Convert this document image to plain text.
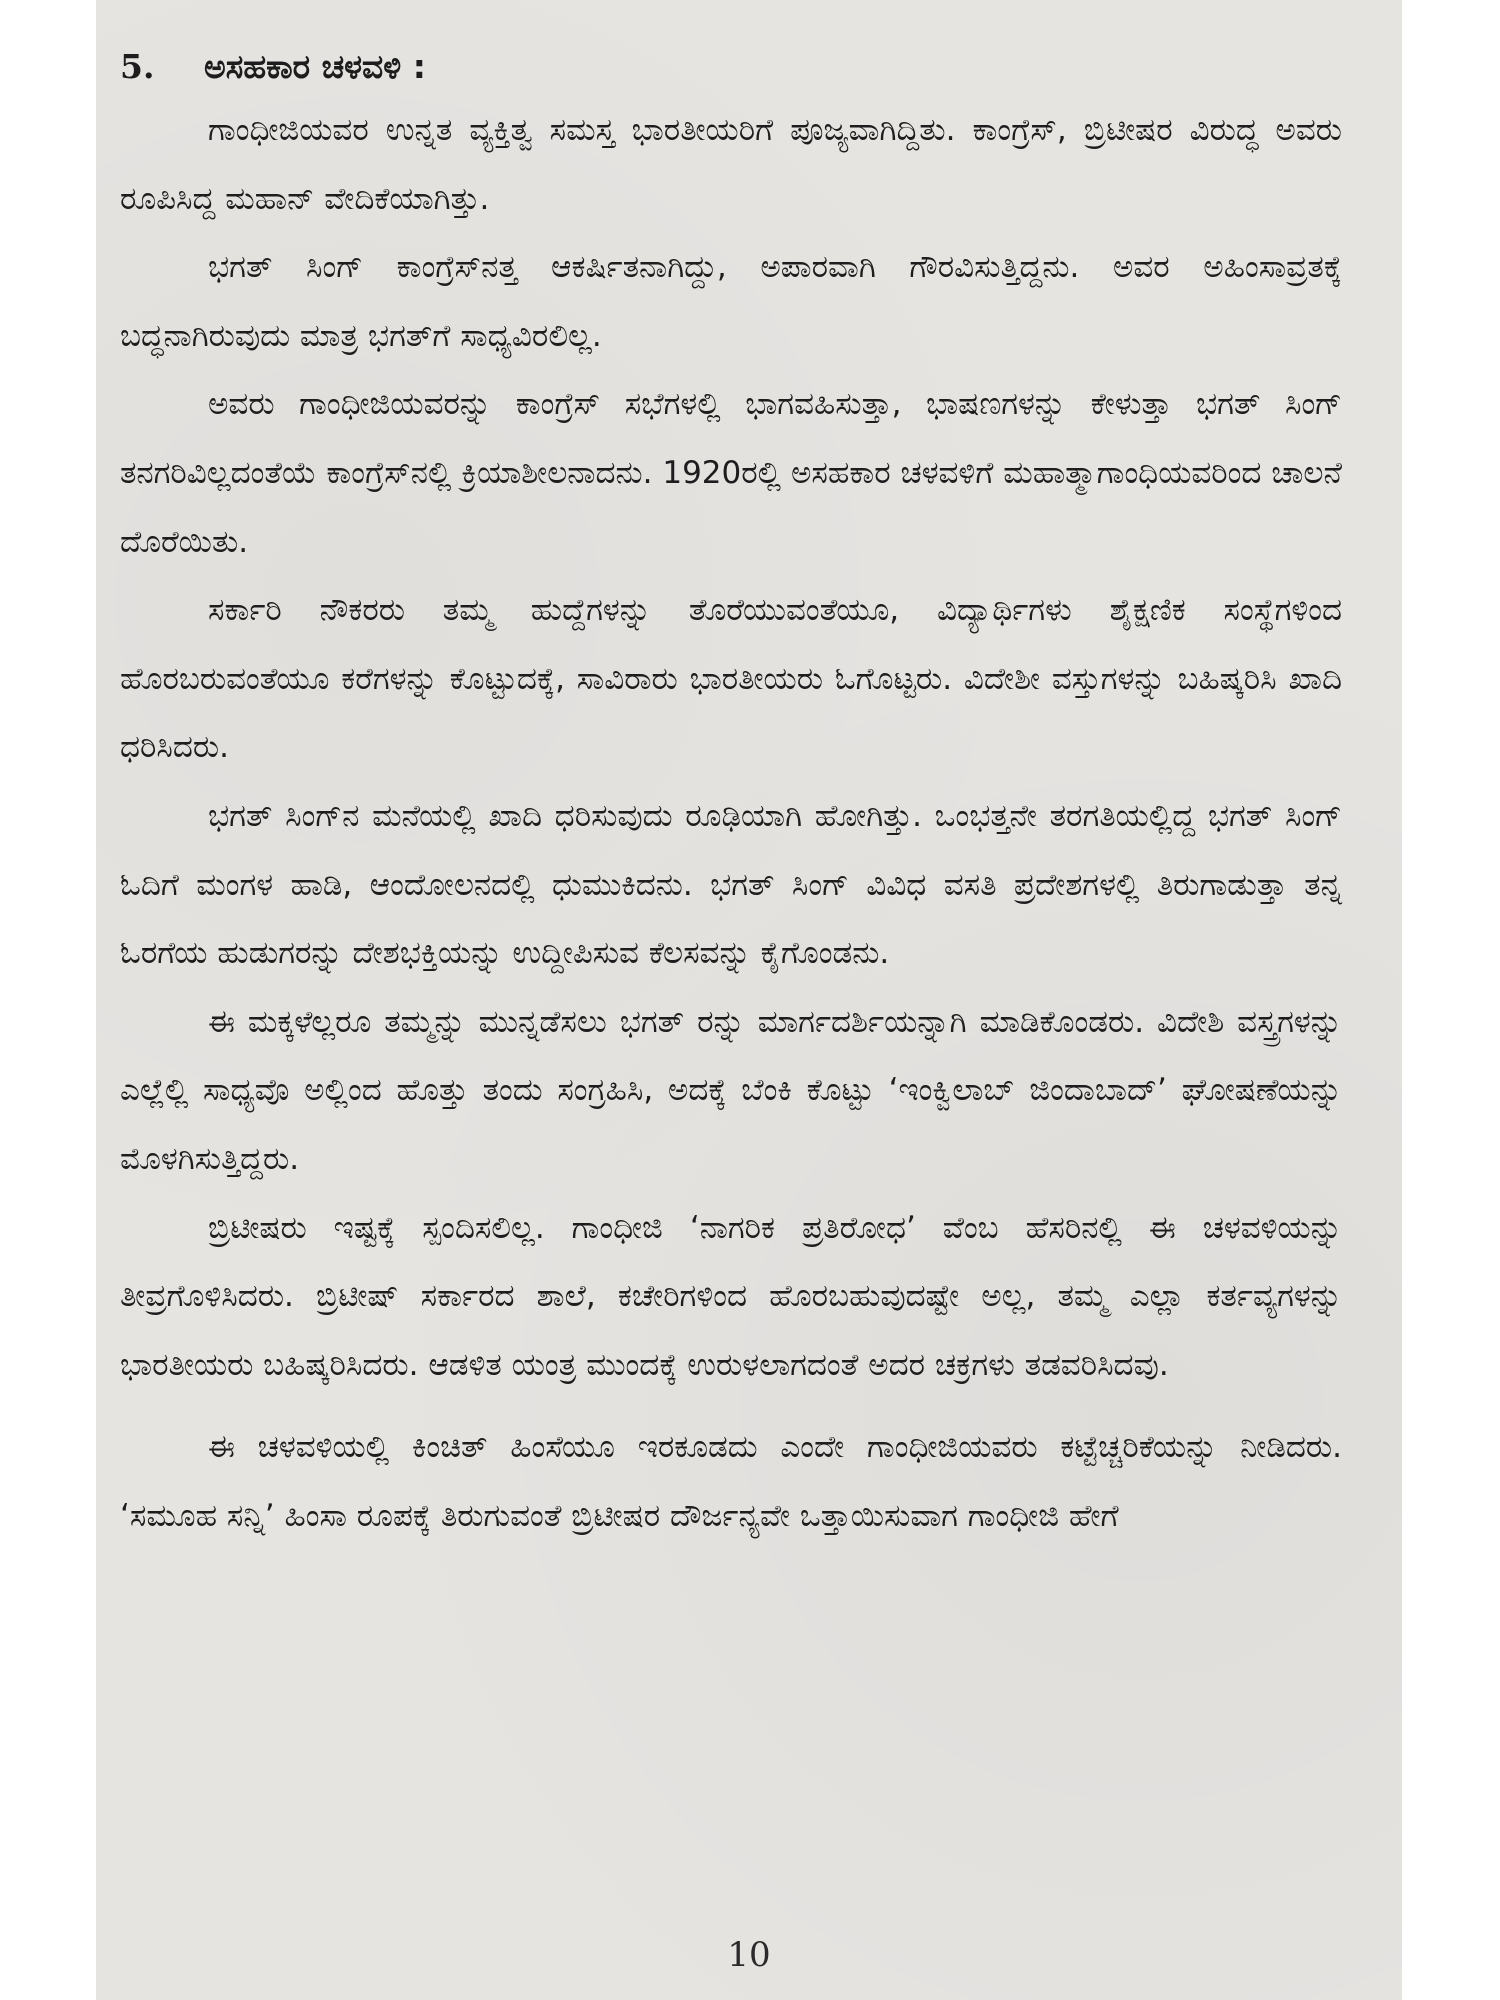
5. ಅಸಹಕಾರ ಚಳವಳಿ :

ಗಾಂಧೀಜಿಯವರ ಉನ್ನತ ವ್ಯಕ್ತಿತ್ವ ಸಮಸ್ತ ಭಾರತೀಯರಿಗೆ ಪೂಜ್ಯವಾಗಿದ್ದಿತು. ಕಾಂಗ್ರೆಸ್, ಬ್ರಿಟೀಷರ ವಿರುದ್ಧ ಅವರು ರೂಪಿಸಿದ್ದ ಮಹಾನ್ ವೇದಿಕೆಯಾಗಿತ್ತು.

ಭಗತ್ ಸಿಂಗ್ ಕಾಂಗ್ರೆಸ್‌ನತ್ತ ಆಕರ್ಷಿತನಾಗಿದ್ದು, ಅಪಾರವಾಗಿ ಗೌರವಿಸುತ್ತಿದ್ದನು. ಅವರ ಅಹಿಂಸಾವ್ರತಕ್ಕೆ ಬದ್ಧನಾಗಿರುವುದು ಮಾತ್ರ ಭಗತ್‌ಗೆ ಸಾಧ್ಯವಿರಲಿಲ್ಲ.

ಅವರು ಗಾಂಧೀಜಿಯವರನ್ನು ಕಾಂಗ್ರೆಸ್ ಸಭೆಗಳಲ್ಲಿ ಭಾಗವಹಿಸುತ್ತಾ, ಭಾಷಣಗಳನ್ನು ಕೇಳುತ್ತಾ ಭಗತ್ ಸಿಂಗ್ ತನಗರಿವಿಲ್ಲದಂತೆಯೆ ಕಾಂಗ್ರೆಸ್‌ನಲ್ಲಿ ಕ್ರಿಯಾಶೀಲನಾದನು. 1920ರಲ್ಲಿ ಅಸಹಕಾರ ಚಳವಳಿಗೆ ಮಹಾತ್ಮಾಗಾಂಧಿಯವರಿಂದ ಚಾಲನೆ ದೊರೆಯಿತು.

ಸರ್ಕಾರಿ ನೌಕರರು ತಮ್ಮ ಹುದ್ದೆಗಳನ್ನು ತೊರೆಯುವಂತೆಯೂ, ವಿದ್ಯಾರ್ಥಿಗಳು ಶೈಕ್ಷಣಿಕ ಸಂಸ್ಥೆಗಳಿಂದ ಹೊರಬರುವಂತೆಯೂ ಕರೆಗಳನ್ನು ಕೊಟ್ಟುದಕ್ಕೆ, ಸಾವಿರಾರು ಭಾರತೀಯರು ಓಗೊಟ್ಟರು. ವಿದೇಶೀ ವಸ್ತುಗಳನ್ನು ಬಹಿಷ್ಕರಿಸಿ ಖಾದಿ ಧರಿಸಿದರು.

ಭಗತ್ ಸಿಂಗ್‌ನ ಮನೆಯಲ್ಲಿ ಖಾದಿ ಧರಿಸುವುದು ರೂಢಿಯಾಗಿ ಹೋಗಿತ್ತು. ಒಂಭತ್ತನೇ ತರಗತಿಯಲ್ಲಿದ್ದ ಭಗತ್ ಸಿಂಗ್ ಓದಿಗೆ ಮಂಗಳ ಹಾಡಿ, ಆಂದೋಲನದಲ್ಲಿ ಧುಮುಕಿದನು. ಭಗತ್ ಸಿಂಗ್ ವಿವಿಧ ವಸತಿ ಪ್ರದೇಶಗಳಲ್ಲಿ ತಿರುಗಾಡುತ್ತಾ ತನ್ನ ಓರಗೆಯ ಹುಡುಗರನ್ನು ದೇಶಭಕ್ತಿಯನ್ನು ಉದ್ದೀಪಿಸುವ ಕೆಲಸವನ್ನು ಕೈಗೊಂಡನು.

ಈ ಮಕ್ಕಳೆಲ್ಲರೂ ತಮ್ಮನ್ನು ಮುನ್ನಡೆಸಲು ಭಗತ್ ರನ್ನು ಮಾರ್ಗದರ್ಶಿಯನ್ನಾಗಿ ಮಾಡಿಕೊಂಡರು. ವಿದೇಶಿ ವಸ್ತ್ರಗಳನ್ನು ಎಲ್ಲೆಲ್ಲಿ ಸಾಧ್ಯವೊ ಅಲ್ಲಿಂದ ಹೊತ್ತು ತಂದು ಸಂಗ್ರಹಿಸಿ, ಅದಕ್ಕೆ ಬೆಂಕಿ ಕೊಟ್ಟು ‘ಇಂಕ್ವಿಲಾಬ್ ಜಿಂದಾಬಾದ್’ ಘೋಷಣೆಯನ್ನು ಮೊಳಗಿಸುತ್ತಿದ್ದರು.

ಬ್ರಿಟೀಷರು ಇಷ್ಟಕ್ಕೆ ಸ್ಪಂದಿಸಲಿಲ್ಲ. ಗಾಂಧೀಜಿ ‘ನಾಗರಿಕ ಪ್ರತಿರೋಧ’ ವೆಂಬ ಹೆಸರಿನಲ್ಲಿ ಈ ಚಳವಳಿಯನ್ನು ತೀವ್ರಗೊಳಿಸಿದರು. ಬ್ರಿಟೀಷ್ ಸರ್ಕಾರದ ಶಾಲೆ, ಕಚೇರಿಗಳಿಂದ ಹೊರಬಹುವುದಷ್ಟೇ ಅಲ್ಲ, ತಮ್ಮ ಎಲ್ಲಾ ಕರ್ತವ್ಯಗಳನ್ನು ಭಾರತೀಯರು ಬಹಿಷ್ಕರಿಸಿದರು. ಆಡಳಿತ ಯಂತ್ರ ಮುಂದಕ್ಕೆ ಉರುಳಲಾಗದಂತೆ ಅದರ ಚಕ್ರಗಳು ತಡವರಿಸಿದವು.

ಈ ಚಳವಳಿಯಲ್ಲಿ ಕಿಂಚಿತ್ ಹಿಂಸೆಯೂ ಇರಕೂಡದು ಎಂದೇ ಗಾಂಧೀಜಿಯವರು ಕಟ್ಟೆಚ್ಚರಿಕೆಯನ್ನು ನೀಡಿದರು. ‘ಸಮೂಹ ಸನ್ನಿ’ ಹಿಂಸಾ ರೂಪಕ್ಕೆ ತಿರುಗುವಂತೆ ಬ್ರಿಟೀಷರ ದೌರ್ಜನ್ಯವೇ ಒತ್ತಾಯಿಸುವಾಗ ಗಾಂಧೀಜಿ ಹೇಗೆ

10
